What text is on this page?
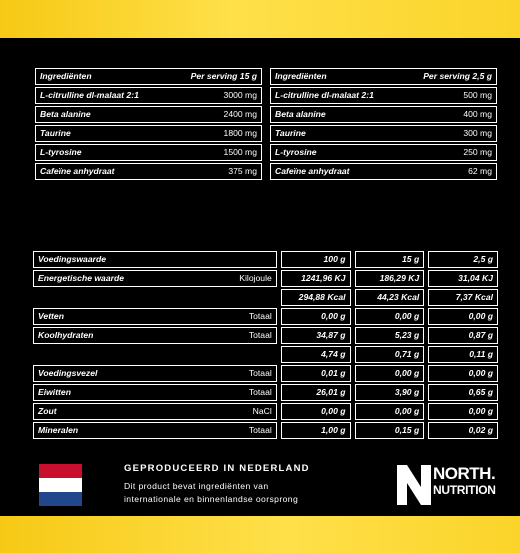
Ingrediënten	Per serving 15 g
L-citrulline dl-malaat 2:1	3000 mg
Beta alanine	2400 mg
Taurine	1800 mg
L-tyrosine	1500 mg
Cafeïne anhydraat	375 mg
Ingrediënten	Per serving 2,5 g
L-citrulline dl-malaat 2:1	500 mg
Beta alanine	400 mg
Taurine	300 mg
L-tyrosine	250 mg
Cafeïne anhydraat	62 mg
Voedingswaarde			100 g		15 g		2,5 g
Energetische waarde	Kilojoule		1241,96 KJ		186,29 KJ		31,04 KJ
			294,88 Kcal		44,23 Kcal		7,37 Kcal
Vetten	Totaal		0,00 g		0,00 g		0,00 g
Koolhydraten	Totaal		34,87 g		5,23 g		0,87 g
			4,74 g		0,71 g		0,11 g
Voedingsvezel	Totaal		0,01 g		0,00 g		0,00 g
Eiwitten	Totaal		26,01 g		3,90 g		0,65 g
Zout	NaCl		0,00 g		0,00 g		0,00 g
Mineralen	Totaal		1,00 g		0,15 g		0,02 g
GEPRODUCEERD IN NEDERLAND
Dit product bevat ingrediënten van
internationale en binnenlandse oorsprong
NORTH.
NUTRITION
